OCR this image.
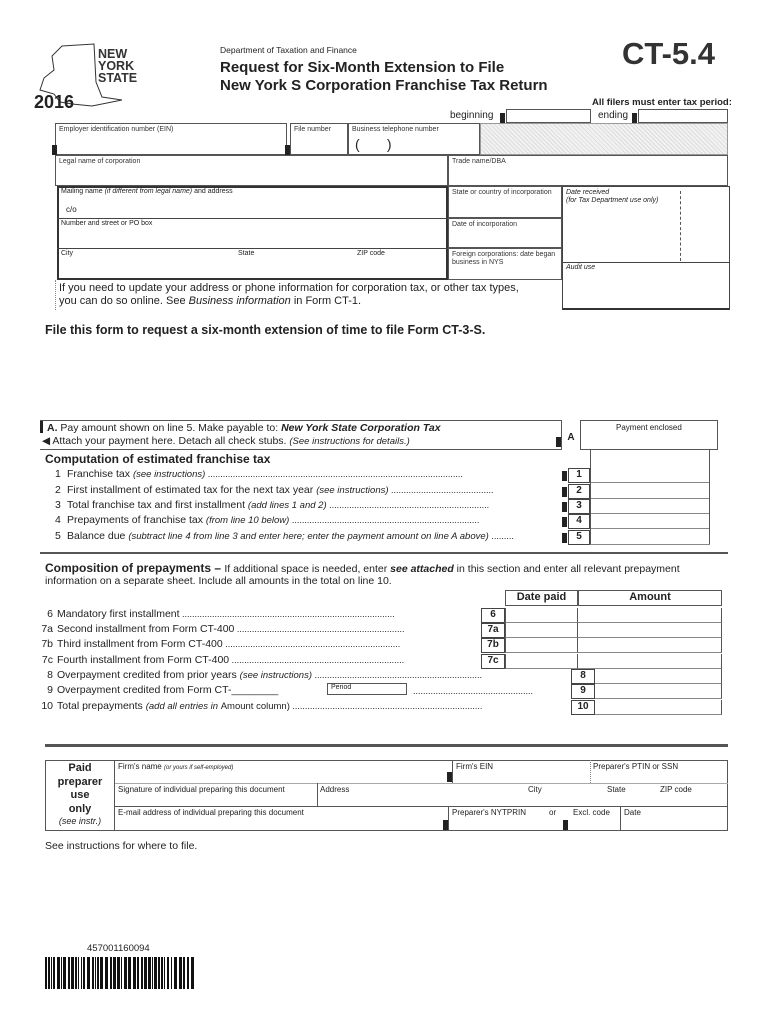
NEW YORK STATE
2016
Department of Taxation and Finance
Request for Six-Month Extension to File
New York S Corporation Franchise Tax Return
CT-5.4
All filers must enter tax period:
beginning	ending
Employer identification number (EIN)	File number	Business telephone number
(       )
Legal name of corporation	Trade name/DBA
Mailing name (if different from legal name) and address
c/o
Number and street or PO box
City	State	ZIP code
State or country of incorporation
Date of incorporation
Foreign corporations: date began business in NYS
Date received
(for Tax Department use only)
Audit use
If you need to update your address or phone information for corporation tax, or other tax types,
you can do so online. See Business information in Form CT-1.
File this form to request a six-month extension of time to file Form CT-3-S.
A. Pay amount shown on line 5. Make payable to: New York State Corporation Tax
◀ Attach your payment here. Detach all check stubs. (See instructions for details.)	A
Payment enclosed
Computation of estimated franchise tax
1 Franchise tax (see instructions) ......................................................................................................	1
2 First installment of estimated tax for the next tax year (see instructions) .........................................	2
3 Total franchise tax and first installment (add lines 1 and 2) ................................................................	3
4 Prepayments of franchise tax (from line 10 below) ...........................................................................	4
5 Balance due (subtract line 4 from line 3 and enter here; enter the payment amount on line A above) .........	5
Composition of prepayments – If additional space is needed, enter see attached in this section and enter all relevant prepayment
information on a separate sheet. Include all amounts in the total on line 10.
Date paid	Amount
6 Mandatory first installment .....................................................................................	6
7a Second installment from Form CT-400 ...................................................................	7a
7b Third installment from Form CT-400 ......................................................................	7b
7c Fourth installment from Form CT-400 .....................................................................	7c
8 Overpayment credited from prior years (see instructions) ...................................................................	8
9 Overpayment credited from Form CT-________	9
10 Total prepayments (add all entries in Amount column) ............................................................................	10
Period	................................................
Paid
preparer
use
only
(see instr.)
Firm's name (or yours if self-employed)	Firm's EIN	Preparer's PTIN or SSN
Signature of individual preparing this document	Address	City	State	ZIP code
E-mail address of individual preparing this document	Preparer's NYTPRIN	or Excl. code Date
See instructions for where to file.
457001160094
